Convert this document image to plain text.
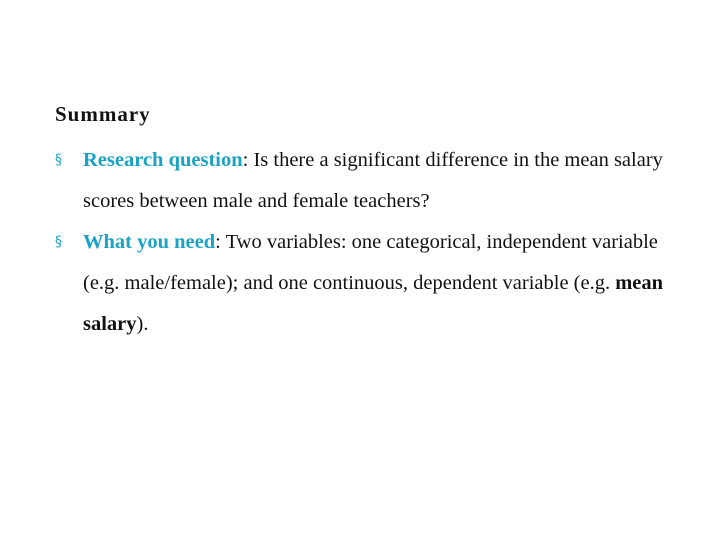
Summary
§ Research question: Is there a significant difference in the mean salary scores between male and female teachers?
§ What you need: Two variables: one categorical, independent variable (e.g. male/female); and one continuous, dependent variable (e.g. mean salary).
